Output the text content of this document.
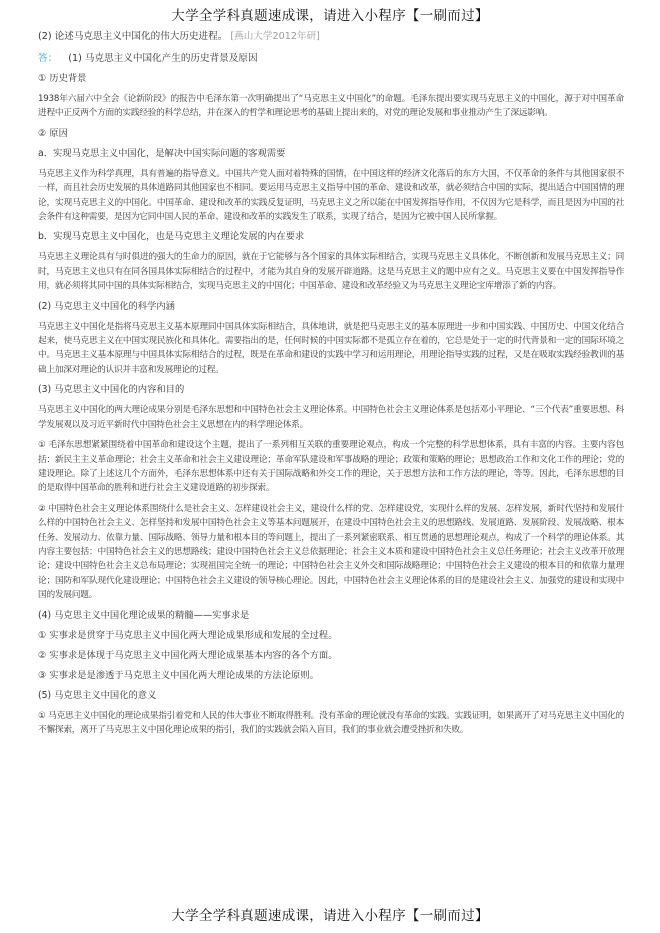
大学全学科真题速成课，请进入小程序【一刷而过】
(2) 论述马克思主义中国化的伟大历史进程。 [燕山大学2012年研]
答： (1) 马克思主义中国化产生的历史背景及原因
① 历史背景
1938年六届六中全会《论新阶段》的报告中毛泽东第一次明确提出了“马克思主义中国化”的命题。毛泽东提出要实现马克思主义的中国化，源于对中国革命进程中正反两个方面的实践经验的科学总结，并在深入的哲学和理论思考的基础上提出来的，对党的理论发展和事业推动产生了深远影响。
② 原因
a．实现马克思主义中国化，是解决中国实际问题的客观需要
马克思主义作为科学真理，具有普遍的指导意义。中国共产党人面对着特殊的国情，在中国这样的经济文化落后的东方大国，不仅革命的条件与其他国家很不一样，而且社会历史发展的具体道路同其他国家也不相同。要运用马克思主义指导中国的革命、建设和改革，就必须结合中国的实际，提出适合中国国情的理论，实现马克思主义的中国化。中国革命、建设和改革的实践反复证明，马克思主义之所以能在中国发挥指导作用，不仅因为它是科学，而且是因为中国的社会条件有这种需要，是因为它同中国人民的革命、建设和改革的实践发生了联系，实现了结合，是因为它被中国人民所掌握。
b．实现马克思主义中国化，也是马克思主义理论发展的内在要求
马克思主义理论具有与时俱进的强大的生命力的原因，就在于它能够与各个国家的具体实际相结合，实现马克思主义具体化，不断创新和发展马克思主义；同时，马克思主义也只有在同各国具体实际相结合的过程中，才能为其自身的发展开辟道路。这是马克思主义的题中应有之义。马克思主义要在中国发挥指导作用，就必须将其同中国的具体实际相结合，实现马克思主义的中国化；中国革命、建设和改革经验又为马克思主义理论宝库增添了新的内容。
(2) 马克思主义中国化的科学内涵
马克思主义中国化是指将马克思主义基本原理同中国具体实际相结合，具体地讲，就是把马克思主义的基本原理进一步和中国实践、中国历史、中国文化结合起来，使马克思主义在中国实现民族化和具体化。需要指出的是，任何时候的中国实际都不是孤立存在着的，它总是处于一定的时代背景和一定的国际环境之中。马克思主义基本原理与中国具体实际相结合的过程，既是在革命和建设的实践中学习和运用理论，用理论指导实践的过程，又是在吸取实践经验教训的基础上加深对理论的认识并丰富和发展理论的过程。
(3) 马克思主义中国化的内容和目的
马克思主义中国化的两大理论成果分别是毛泽东思想和中国特色社会主义理论体系。中国特色社会主义理论体系是包括邓小平理论、“三个代表”重要思想、科学发展观以及习近平新时代中国特色社会主义思想在内的科学理论体系。
① 毛泽东思想紧紧围绕着中国革命和建设这个主题，提出了一系列相互关联的重要理论观点，构成一个完整的科学思想体系，具有丰富的内容。主要内容包括：新民主主义革命理论；社会主义革命和社会主义建设理论；革命军队建设和军事战略的理论；政策和策略的理论；思想政治工作和文化工作的理论；党的建设理论。除了上述这几个方面外，毛泽东思想体系中还有关于国际战略和外交工作的理论，关于思想方法和工作方法的理论，等等。因此，毛泽东思想的目的是取得中国革命的胜利和进行社会主义建设道路的初步探索。
② 中国特色社会主义理论体系围绕什么是社会主义、怎样建设社会主义，建设什么样的党、怎样建设党，实现什么样的发展、怎样发展，新时代坚持和发展什么样的中国特色社会主义、怎样坚持和发展中国特色社会主义等基本问题展开，在建设中国特色社会主义的思想路线、发展道路、发展阶段、发展战略、根本任务、发展动力、依靠力量、国际战略、领导力量和根本目的等问题上，提出了一系列紧密联系、相互贯通的思想理论观点，构成了一个科学的理论体系。其内容主要包括：中国特色社会主义的思想路线；建设中国特色社会主义总依据理论；社会主义本质和建设中国特色社会主义总任务理论；社会主义改革开放理论；建设中国特色社会主义总布局理论；实现祖国完全统一的理论；中国特色社会主义外交和国际战略理论；中国特色社会主义建设的根本目的和依靠力量理论；国防和军队现代化建设理论；中国特色社会主义建设的领导核心理论。因此，中国特色社会主义理论体系的目的是建设社会主义、加强党的建设和实现中国的发展问题。
(4) 马克思主义中国化理论成果的精髓——实事求是
① 实事求是贯穿于马克思主义中国化两大理论成果形成和发展的全过程。
② 实事求是体现于马克思主义中国化两大理论成果基本内容的各个方面。
③ 实事求是是渗透于马克思主义中国化两大理论成果的方法论原则。
(5) 马克思主义中国化的意义
① 马克思主义中国化的理论成果指引着党和人民的伟大事业不断取得胜利。没有革命的理论就没有革命的实践。实践证明，如果离开了对马克思主义中国化的不懈探索，离开了马克思主义中国化理论成果的指引，我们的实践就会陷入盲目，我们的事业就会遭受挫折和失败。
大学全学科真题速成课，请进入小程序【一刷而过】
